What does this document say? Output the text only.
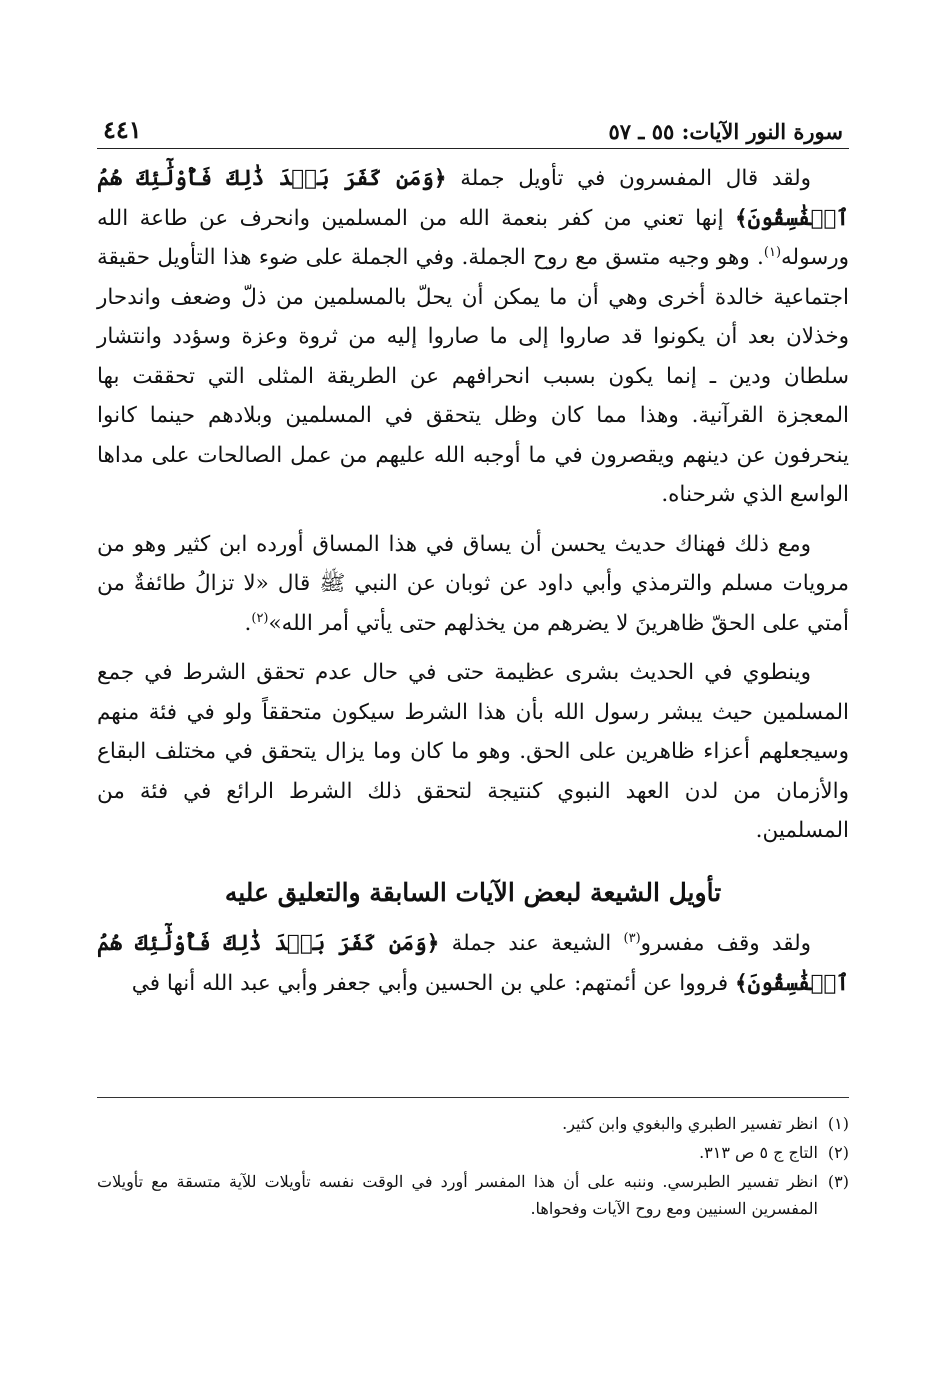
سورة النور الآيات: ٥٥ ـ ٥٧
٤٤١

ولقد قال المفسرون في تأويل جملة ﴿وَمَن كَفَرَ بَعۡدَ ذَٰلِكَ فَأُوْلَٰٓئِكَ هُمُ ٱلۡفَٰسِقُونَ﴾ إنها تعني من كفر بنعمة الله من المسلمين وانحرف عن طاعة الله ورسوله$^{(١)}$. وهو وجيه متسق مع روح الجملة. وفي الجملة على ضوء هذا التأويل حقيقة اجتماعية خالدة أخرى وهي أن ما يمكن أن يحلّ بالمسلمين من ذلّ وضعف واندحار وخذلان بعد أن يكونوا قد صاروا إلى ما صاروا إليه من ثروة وعزة وسؤدد وانتشار سلطان ودين ـ إنما يكون بسبب انحرافهم عن الطريقة المثلى التي تحققت بها المعجزة القرآنية. وهذا مما كان وظل يتحقق في المسلمين وبلادهم حينما كانوا ينحرفون عن دينهم ويقصرون في ما أوجبه الله عليهم من عمل الصالحات على مداها الواسع الذي شرحناه.

ومع ذلك فهناك حديث يحسن أن يساق في هذا المساق أورده ابن كثير وهو من مرويات مسلم والترمذي وأبي داود عن ثوبان عن النبي ﷺ قال «لا تزالُ طائفةٌ من أمتي على الحقّ ظاهرينَ لا يضرهم من يخذلهم حتى يأتي أمر الله»$^{(٢)}$.

وينطوي في الحديث بشرى عظيمة حتى في حال عدم تحقق الشرط في جمع المسلمين حيث يبشر رسول الله بأن هذا الشرط سيكون متحققاً ولو في فئة منهم وسيجعلهم أعزاء ظاهرين على الحق. وهو ما كان وما يزال يتحقق في مختلف البقاع والأزمان من لدن العهد النبوي كنتيجة لتحقق ذلك الشرط الرائع في فئة من المسلمين.

تأويل الشيعة لبعض الآيات السابقة والتعليق عليه

ولقد وقف مفسرو$^{(٣)}$ الشيعة عند جملة ﴿وَمَن كَفَرَ بَعۡدَ ذَٰلِكَ فَأُوْلَٰٓئِكَ هُمُ ٱلۡفَٰسِقُونَ﴾ فرووا عن أئمتهم: علي بن الحسين وأبي جعفر وأبي عبد الله أنها في

(١)
انظر تفسير الطبري والبغوي وابن كثير.
(٢)
التاج ج ٥ ص ٣١٣.
(٣)
انظر تفسير الطبرسي. وننبه على أن هذا المفسر أورد في الوقت نفسه تأويلات للآية متسقة مع تأويلات المفسرين السنيين ومع روح الآيات وفحواها.
